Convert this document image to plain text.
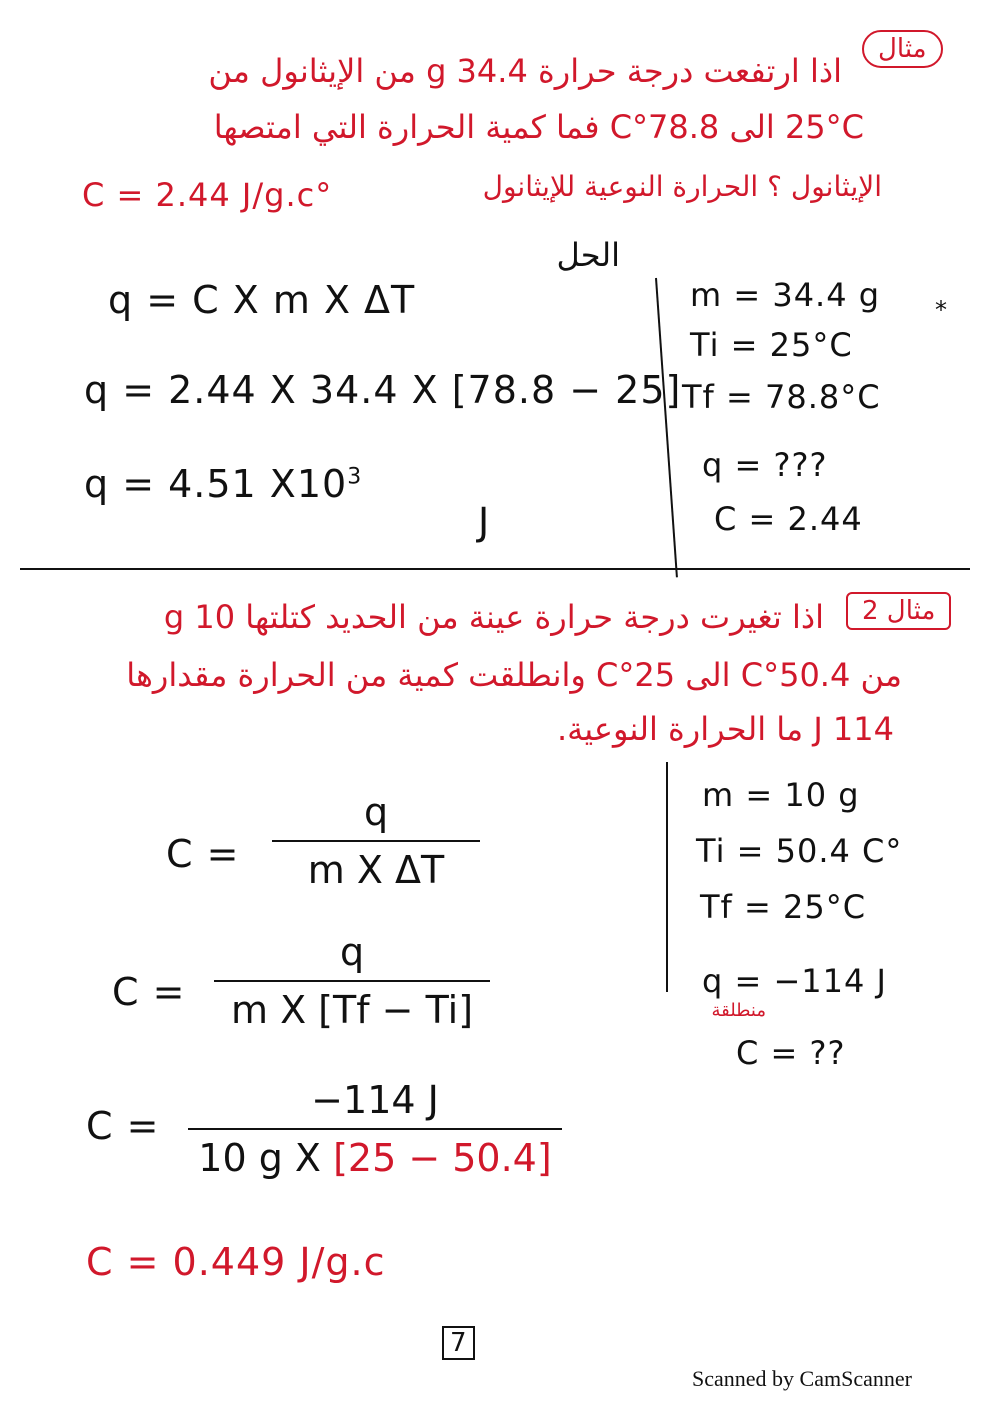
مثال
اذا ارتفعت درجة حرارة 34.4 g من الإيثانول من
25°C الى 78.8°C فما كمية الحرارة التي امتصها
الإيثانول ؟ الحرارة النوعية للإيثانول
C = 2.44 J/g.c°
الحل
q = C X m X ΔT
q = 2.44 X 34.4 X [78.8 − 25]
q = 4.51 $X10^3$
J
m = 34.4 g
Ti = 25°C
Tf = 78.8°C
q = ???
C = 2.44
*
مثال 2
اذا تغيرت درجة حرارة عينة من الحديد كتلتها 10 g
من 50.4°C الى 25°C وانطلقت كمية من الحرارة مقدارها
114 J ما الحرارة النوعية.
m = 10 g
Ti = 50.4 C°
Tf = 25°C
q = −114 J
منطلقة
C = ??
C =
q
m X ΔT
C =
q
m X [Tf − Ti]
C =
−114 J
10 g X [25 − 50.4]
C = 0.449 J/g.c
7
Scanned by CamScanner
